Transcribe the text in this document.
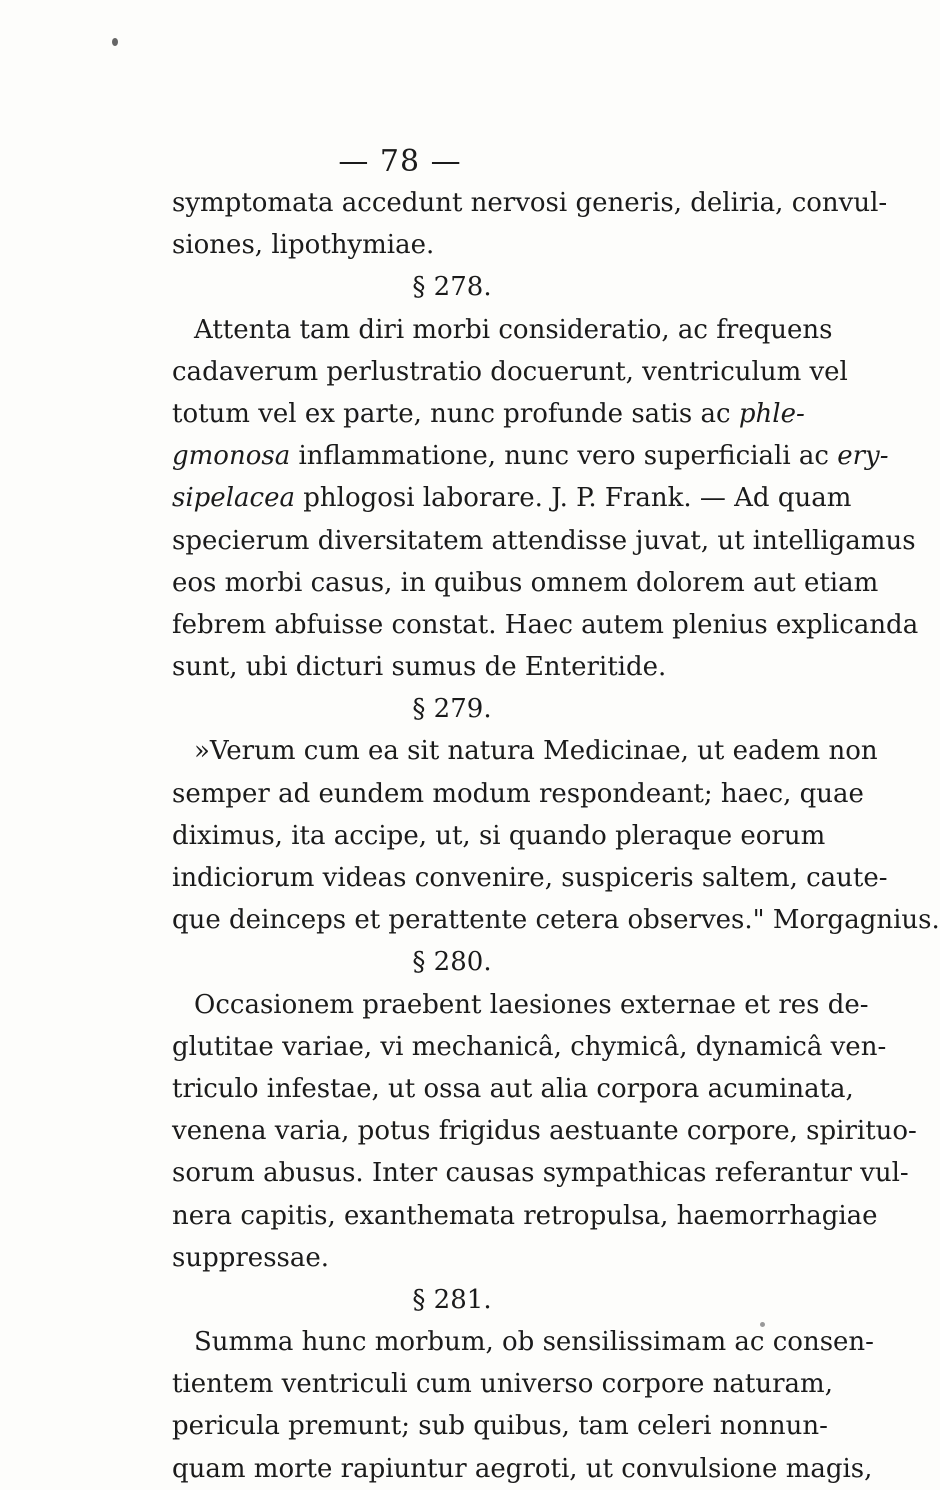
— 78 —
symptomata accedunt nervosi generis, deliria, convul-
siones, lipothymiae.
§ 278.
Attenta tam diri morbi consideratio, ac frequens
cadaverum perlustratio docuerunt, ventriculum vel
totum vel ex parte, nunc profunde satis ac phle-
gmonosa inflammatione, nunc vero superficiali ac ery-
sipelacea phlogosi laborare. J. P. Frank. — Ad quam
specierum diversitatem attendisse juvat, ut intelligamus
eos morbi casus, in quibus omnem dolorem aut etiam
febrem abfuisse constat. Haec autem plenius explicanda
sunt, ubi dicturi sumus de Enteritide.
§ 279.
»Verum cum ea sit natura Medicinae, ut eadem non
semper ad eundem modum respondeant; haec, quae
diximus, ita accipe, ut, si quando pleraque eorum
indiciorum videas convenire, suspiceris saltem, caute-
que deinceps et perattente cetera observes." Morgagnius.
§ 280.
Occasionem praebent laesiones externae et res de-
glutitae variae, vi mechanicâ, chymicâ, dynamicâ ven-
triculo infestae, ut ossa aut alia corpora acuminata,
venena varia, potus frigidus aestuante corpore, spirituo-
sorum abusus. Inter causas sympathicas referantur vul-
nera capitis, exanthemata retropulsa, haemorrhagiae
suppressae.
§ 281.
Summa hunc morbum, ob sensilissimam ac consen-
tientem ventriculi cum universo corpore naturam,
pericula premunt; sub quibus, tam celeri nonnun-
quam morte rapiuntur aegroti, ut convulsione magis,
